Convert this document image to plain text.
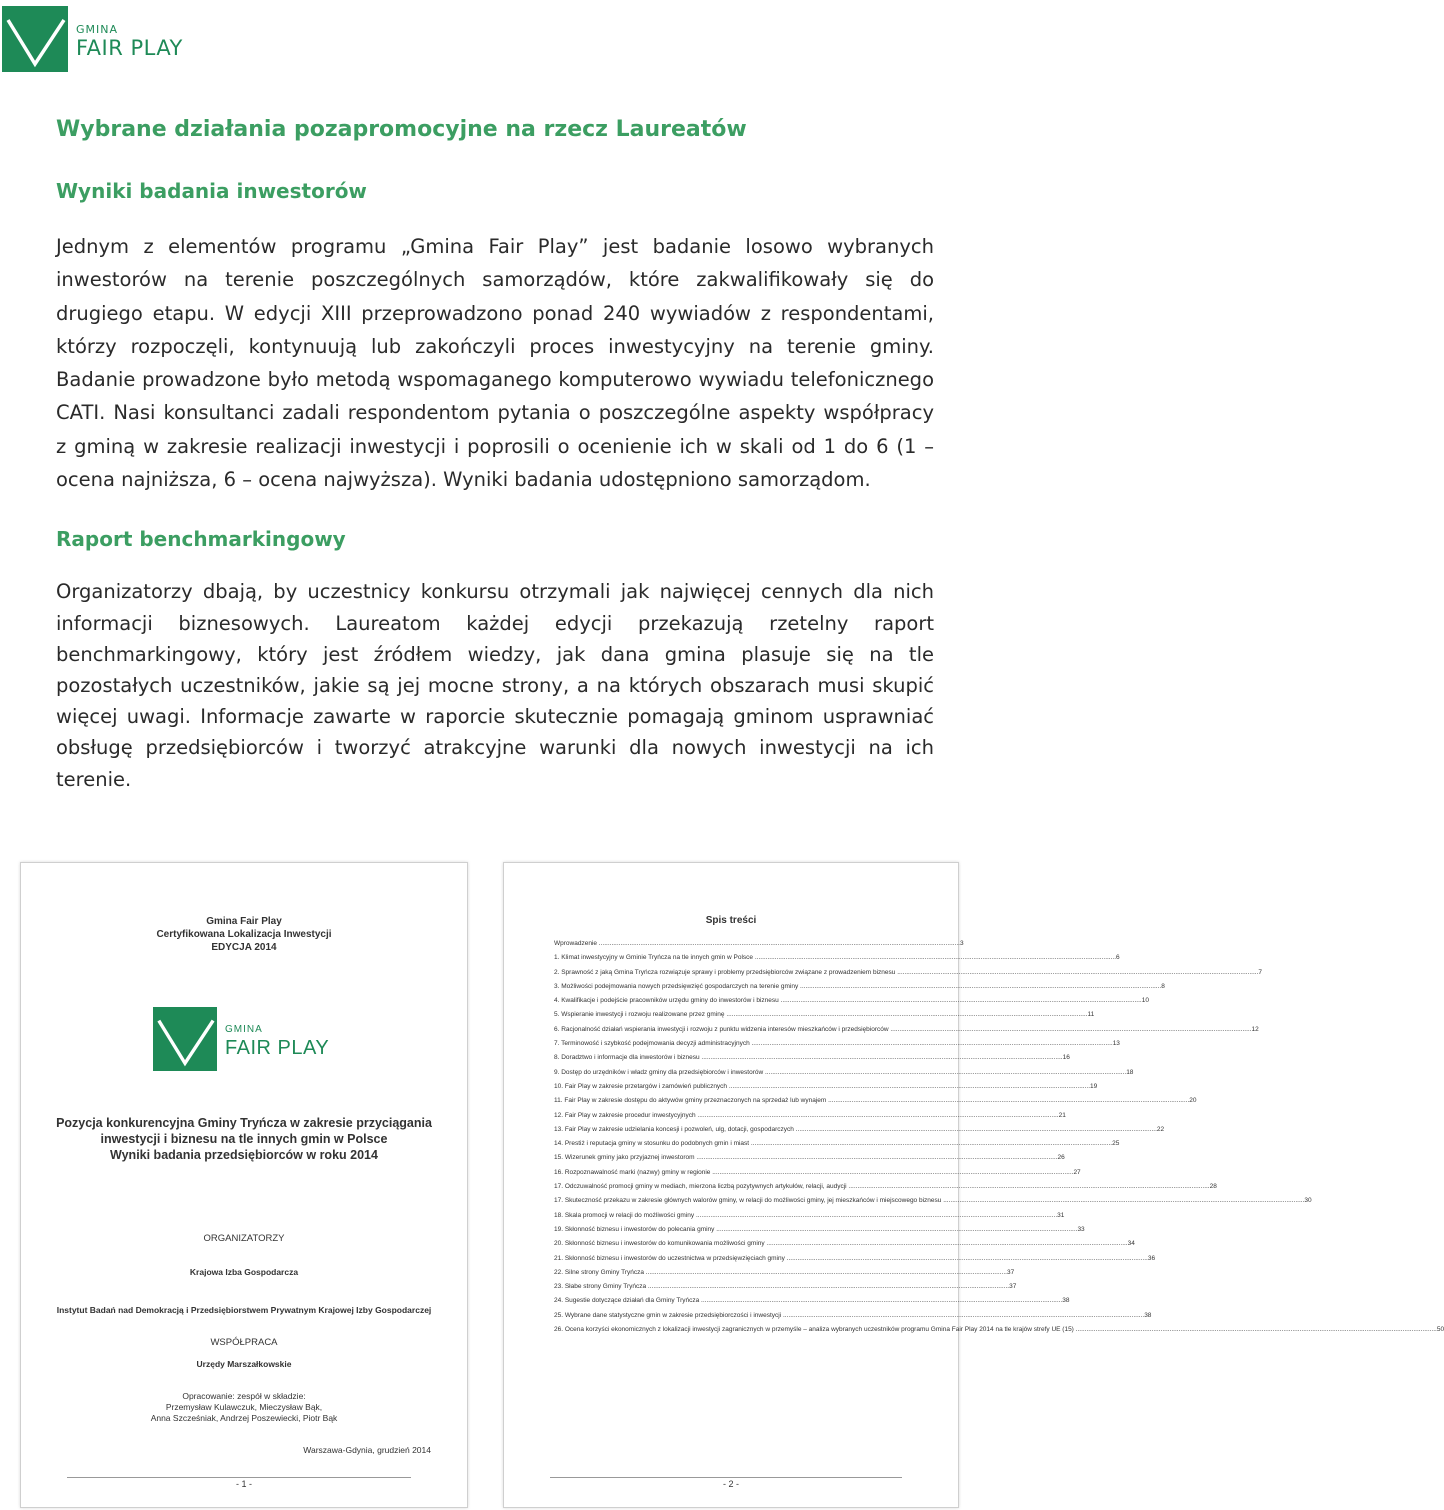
GMINA
FAIR PLAY
Wybrane działania pozapromocyjne na rzecz Laureatów
Wyniki badania inwestorów

Jednym z elementów programu „Gmina Fair Play” jest badanie losowo wybranych inwestorów na terenie poszczególnych samorządów, które zakwalifikowały się do drugiego etapu. W edycji XIII przeprowadzono ponad 240 wywiadów z respondentami, którzy rozpoczęli, kontynuują lub zakończyli proces inwestycyjny na terenie gminy. Badanie prowadzone było metodą wspomaganego komputerowo wywiadu telefonicznego CATI. Nasi konsultanci zadali respondentom pytania o poszczególne aspekty współpracy z gminą w zakresie realizacji inwestycji i poprosili o ocenienie ich w skali od 1 do 6 (1 – ocena najniższa, 6 – ocena najwyższa). Wyniki badania udostępniono samorządom.

Raport benchmarkingowy

Organizatorzy dbają, by uczestnicy konkursu otrzymali jak najwięcej cennych dla nich informacji biznesowych. Laureatom każdej edycji przekazują rzetelny raport benchmarkingowy, który jest źródłem wiedzy, jak dana gmina plasuje się na tle pozostałych uczestników, jakie są jej mocne strony, a na których obszarach musi skupić więcej uwagi. Informacje zawarte w raporcie skutecznie pomagają gminom usprawniać obsługę przedsiębiorców i tworzyć atrakcyjne warunki dla nowych inwestycji na ich terenie.

Gmina Fair Play
Certyfikowana Lokalizacja Inwestycji
EDYCJA 2014
GMINA
FAIR PLAY
Pozycja konkurencyjna Gminy Tryńcza w zakresie przyciągania
inwestycji i biznesu na tle innych gmin w Polsce
Wyniki badania przedsiębiorców w roku 2014
ORGANIZATORZY
Krajowa Izba Gospodarcza
Instytut Badań nad Demokracją i Przedsiębiorstwem Prywatnym Krajowej Izby Gospodarczej
WSPÓŁPRACA
Urzędy Marszałkowskie
Opracowanie: zespół w składzie:
Przemysław Kulawczuk, Mieczysław Bąk,
Anna Szcześniak, Andrzej Poszewiecki, Piotr Bąk
Warszawa-Gdynia, grudzień 2014
- 1 -
Spis treści
Wprowadzenie .....	3
1. Klimat inwestycyjny w Gminie Tryńcza na tle innych gmin w Polsce .....	6
2. Sprawność z jaką Gmina Tryńcza rozwiązuje sprawy i problemy przedsiębiorców związane z prowadzeniem biznesu .....	7
3. Możliwości podejmowania nowych przedsięwzięć gospodarczych na terenie gminy .....	8
4. Kwalifikacje i podejście pracowników urzędu gminy do inwestorów i biznesu .....	10
5. Wspieranie inwestycji i rozwoju realizowane przez gminę .....	11
6. Racjonalność działań wspierania inwestycji i rozwoju z punktu widzenia interesów mieszkańców i przedsiębiorców .....	12
7. Terminowość i szybkość podejmowania decyzji administracyjnych .....	13
8. Doradztwo i informacje dla inwestorów i biznesu .....	16
9. Dostęp do urzędników i władz gminy dla przedsiębiorców i inwestorów .....	18
10. Fair Play w zakresie przetargów i zamówień publicznych .....	19
11. Fair Play w zakresie dostępu do aktywów gminy przeznaczonych na sprzedaż lub wynajem .....	20
12. Fair Play w zakresie procedur inwestycyjnych .....	21
13. Fair Play w zakresie udzielania koncesji i pozwoleń, ulg, dotacji, gospodarczych .....	22
14. Prestiż i reputacja gminy w stosunku do podobnych gmin i miast .....	25
15. Wizerunek gminy jako przyjaznej inwestorom .....	26
16. Rozpoznawalność marki (nazwy) gminy w regionie .....	27
17. Odczuwalność promocji gminy w mediach, mierzona liczbą pozytywnych artykułów, relacji, audycji .....	28
17. Skuteczność przekazu w zakresie głównych walorów gminy, w relacji do możliwości gminy, jej mieszkańców i miejscowego biznesu .....	30
18. Skala promocji w relacji do możliwości gminy .....	31
19. Skłonność biznesu i inwestorów do polecania gminy .....	33
20. Skłonność biznesu i inwestorów do komunikowania możliwości gminy .....	34
21. Skłonność biznesu i inwestorów do uczestnictwa w przedsięwzięciach gminy .....	36
22. Silne strony Gminy Tryńcza .....	37
23. Słabe strony Gminy Tryńcza .....	37
24. Sugestie dotyczące działań dla Gminy Tryńcza .....	38
25. Wybrane dane statystyczne gmin w zakresie przedsiębiorczości i inwestycji .....	38
26. Ocena korzyści ekonomicznych z lokalizacji inwestycji zagranicznych w przemyśle – analiza wybranych uczestników programu Gmina Fair Play 2014 na tle krajów strefy UE (15) .....	50
- 2 -
